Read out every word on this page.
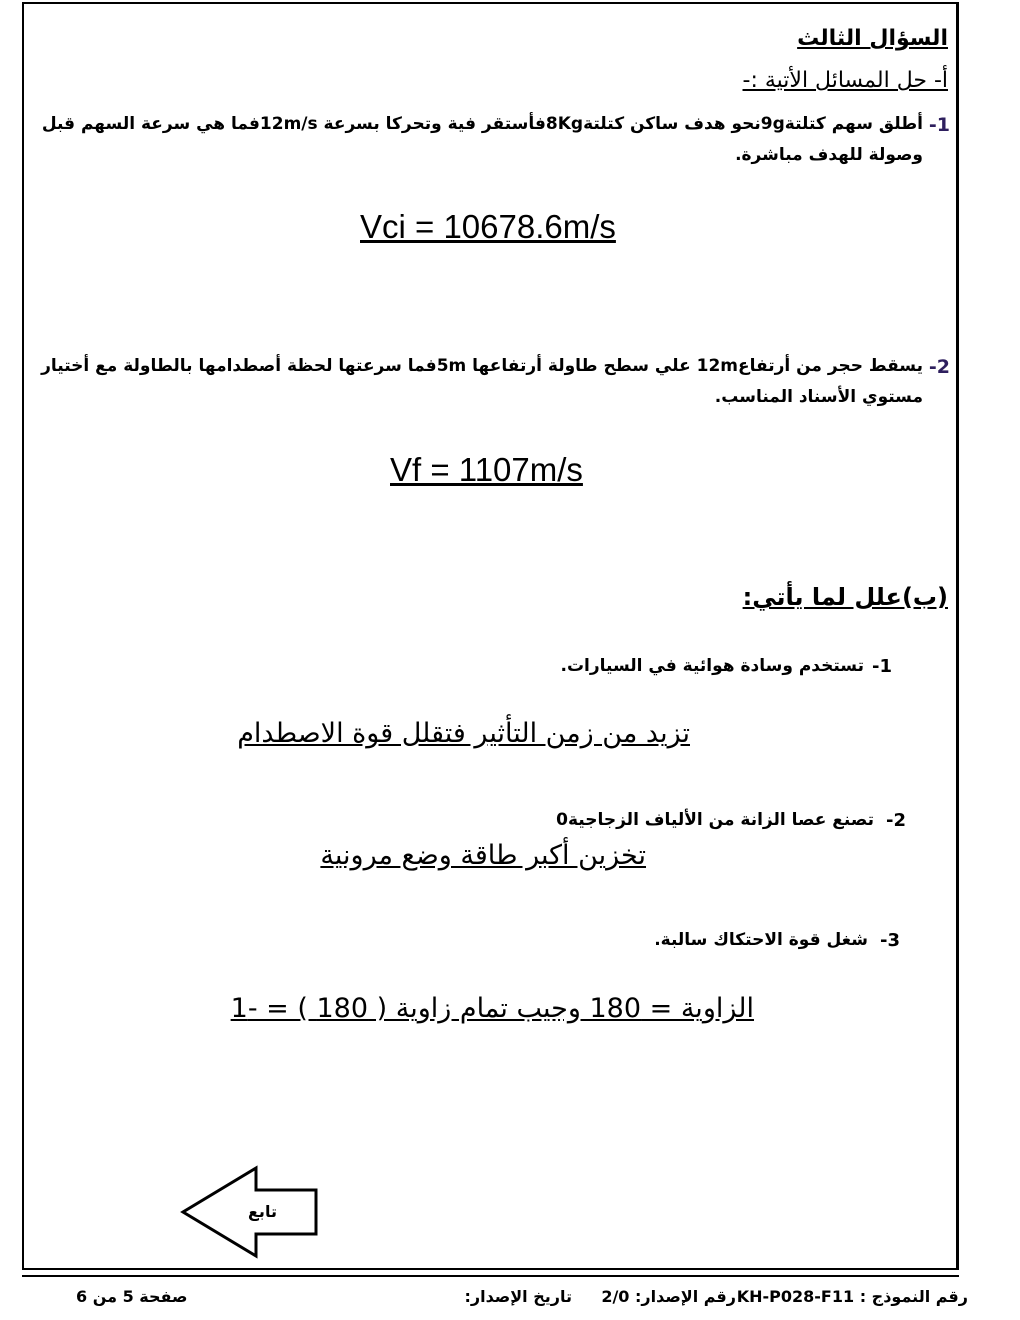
السؤال الثالث
أ- حل المسائل الأتية :-
1-
أطلق سهم كتلتة9gنحو هدف ساكن كتلتة8Kgفأستقر فية وتحركا بسرعة 12m/sفما هي سرعة السهم قبل
وصولة للهدف مباشرة.
Vci = 10678.6m/s
2-
يسقط حجر من أرتفاع12m علي سطح طاولة أرتفاعها 5mفما سرعتها لحظة أصطدامها بالطاولة مع أختيار
مستوي الأسناد المناسب.
Vf = 1107m/s
(ب)علل لما يأتي:
1-
تستخدم وسادة هوائية في السيارات.
تزيد من زمن التأثير فتقلل قوة الاصطدام
2-
تصنع عصا الزانة من الألياف الزجاجية0
تخزين أكبر طاقة وضع مرونية
3-
شغل قوة الاحتكاك سالبة.
الزاوية = 180 وجيب تمام زاوية ( 180 ) = -1
تابع
رقم النموذج : KH-P028-F11
رقم الإصدار: 2/0
تاريخ الإصدار:
صفحة 5 من 6
